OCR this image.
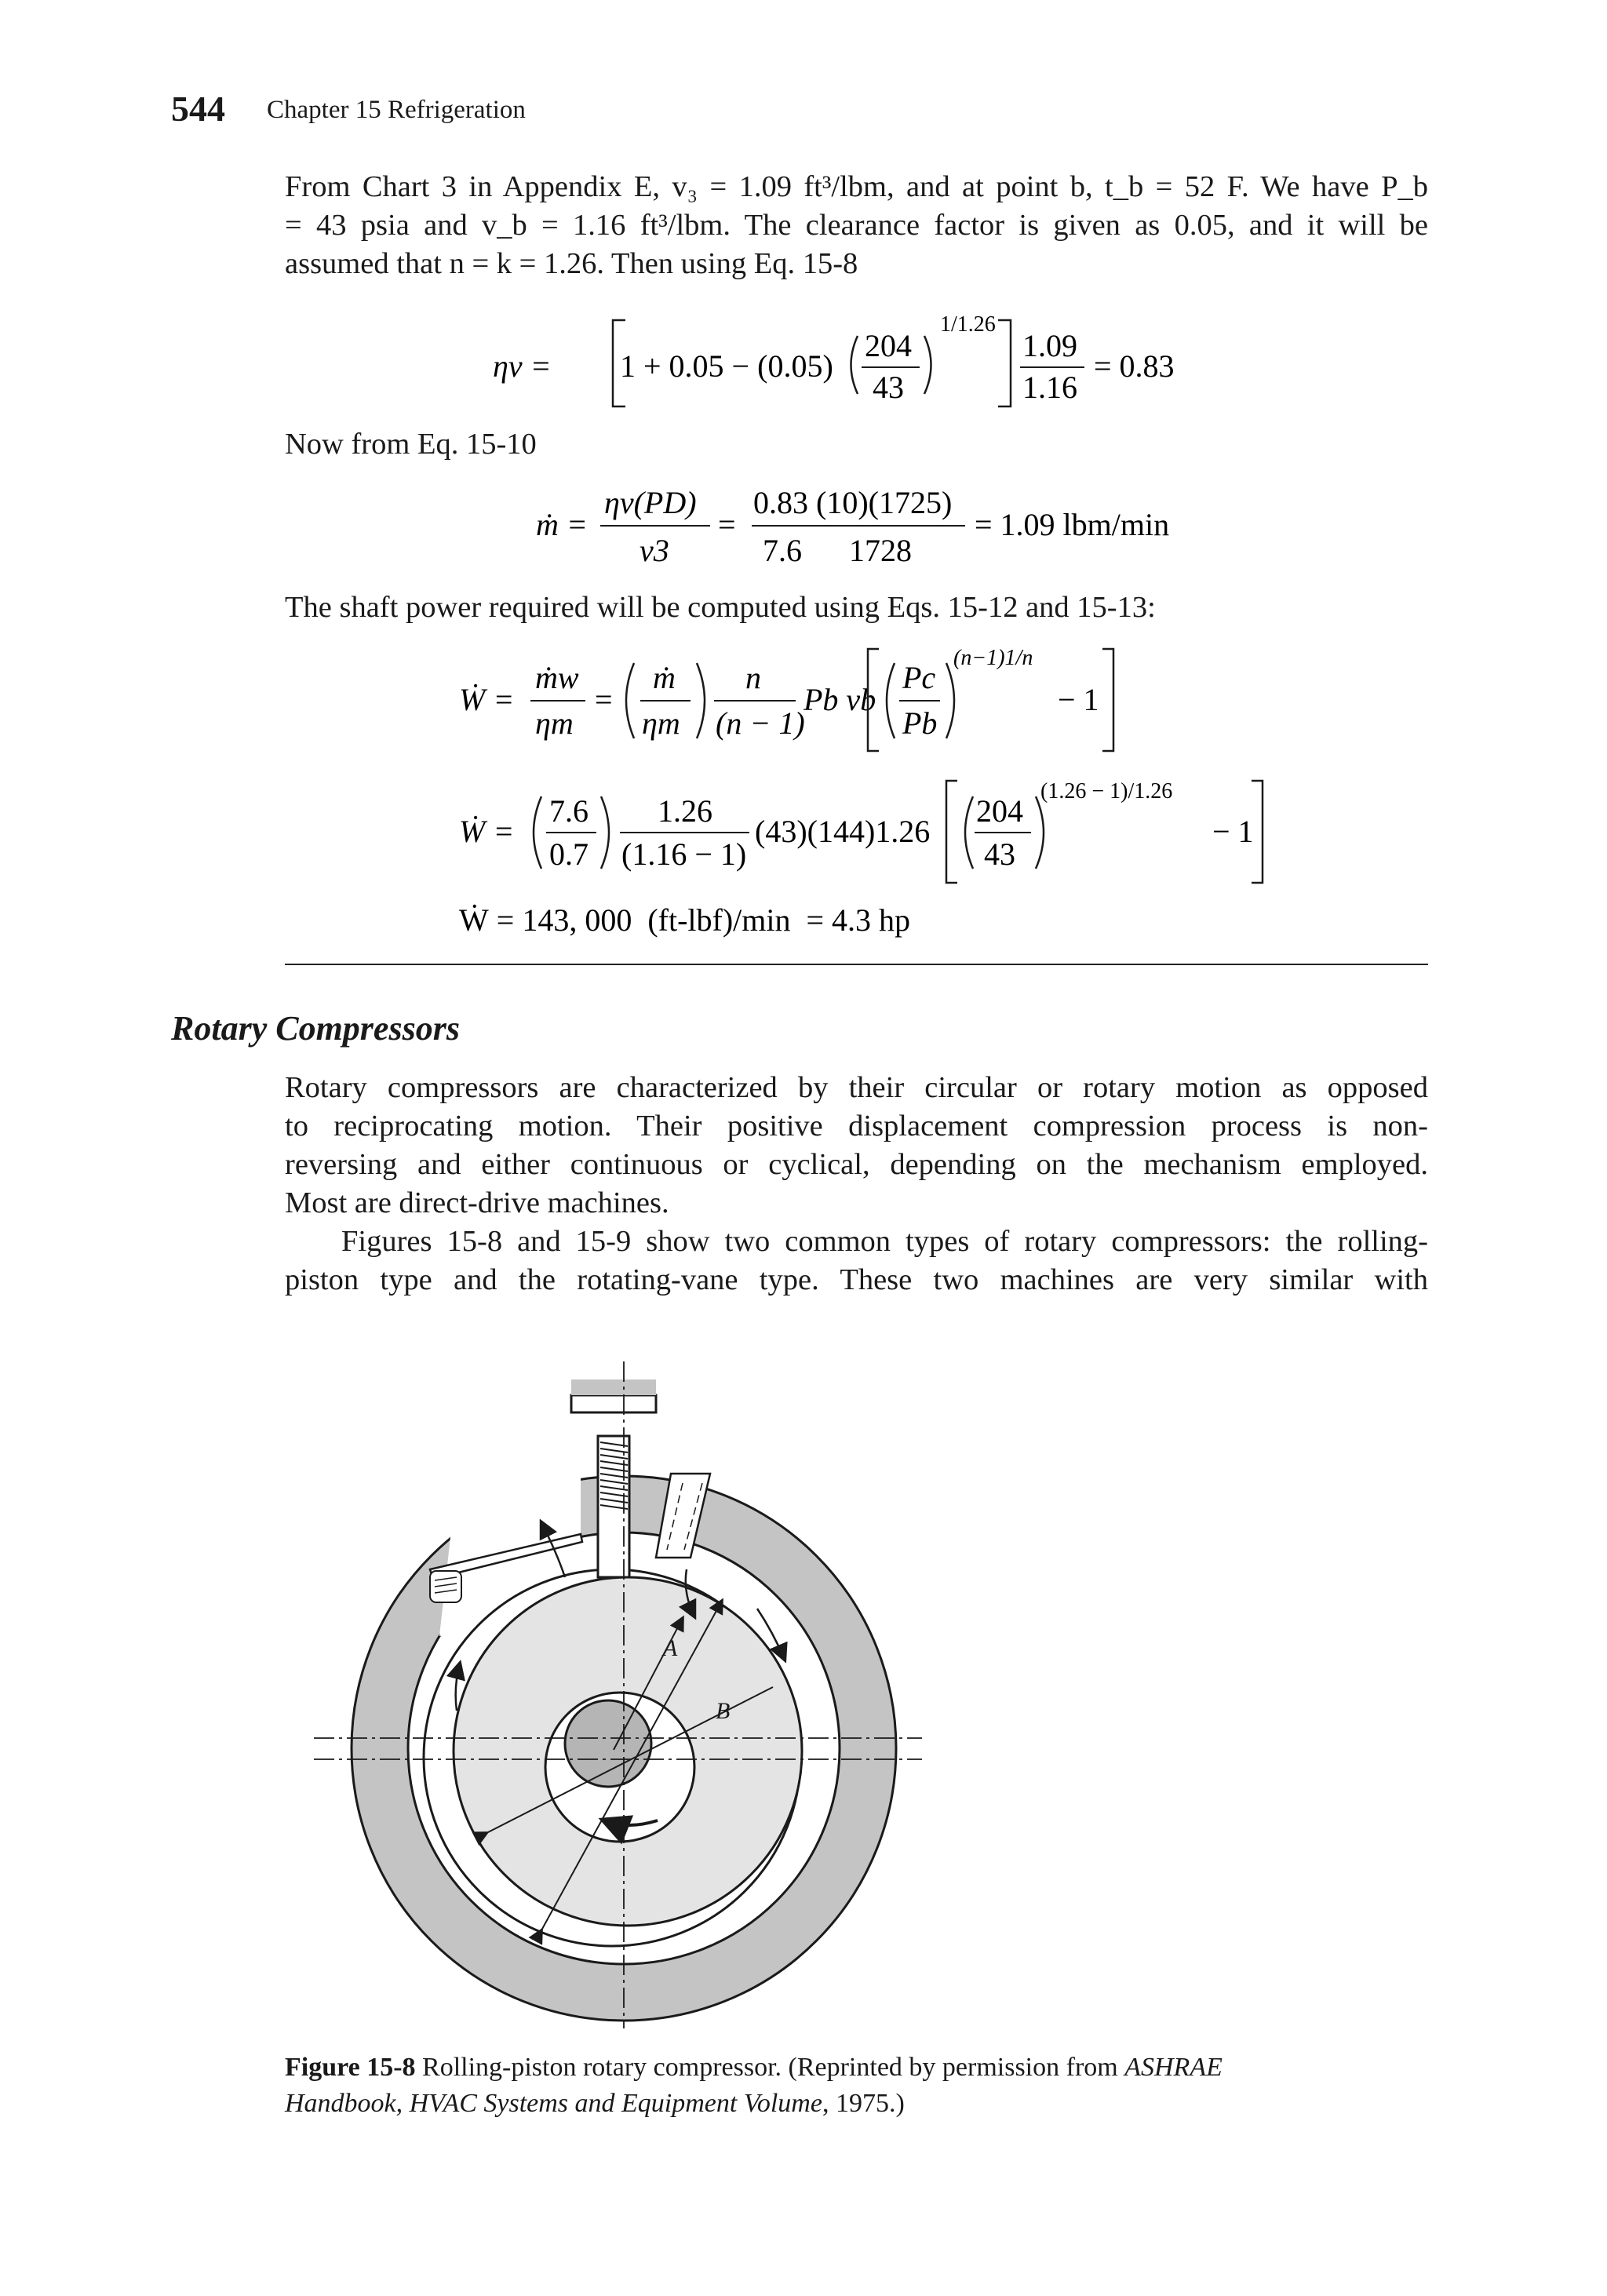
544 Chapter 15 Refrigeration
From Chart 3 in Appendix E, v₃ = 1.09 ft³/lbm, and at point b, t_b = 52 F. We have P_b
= 43 psia and v_b = 1.16 ft³/lbm. The clearance factor is given as 0.05, and it will be
assumed that n = k = 1.26. Then using Eq. 15-8
ηv = 1 + 0.05 − (0.05)
204
43
1/1.26
1.09
1.16
= 0.83
Now from Eq. 15-10
ṁ =
ηv(PD)
v3
=
0.83 (10)(1725)
7.6      1728
= 1.09 lbm/min
The shaft power required will be computed using Eqs. 15-12 and 15-13:
Ẇ =
ṁw
ηm
=
ṁ
ηm
n
(n − 1)
Pb vb
Pc
Pb
(n−1)1/n
− 1
Ẇ =
7.6
0.7
1.26
(1.16 − 1)
(43)(144)1.26
204
43
(1.26 − 1)/1.26
− 1
Ẇ = 143, 000  (ft-lbf)/min  = 4.3 hp
Rotary Compressors
Rotary compressors are characterized by their circular or rotary motion as opposed
to reciprocating motion. Their positive displacement compression process is non-
reversing and either continuous or cyclical, depending on the mechanism employed.
Most are direct-drive machines.
Figures 15-8 and 15-9 show two common types of rotary compressors: the rolling-
piston type and the rotating-vane type. These two machines are very similar with
A
B
Figure 15-8 Rolling-piston rotary compressor. (Reprinted by permission from ASHRAE
Handbook, HVAC Systems and Equipment Volume, 1975.)
